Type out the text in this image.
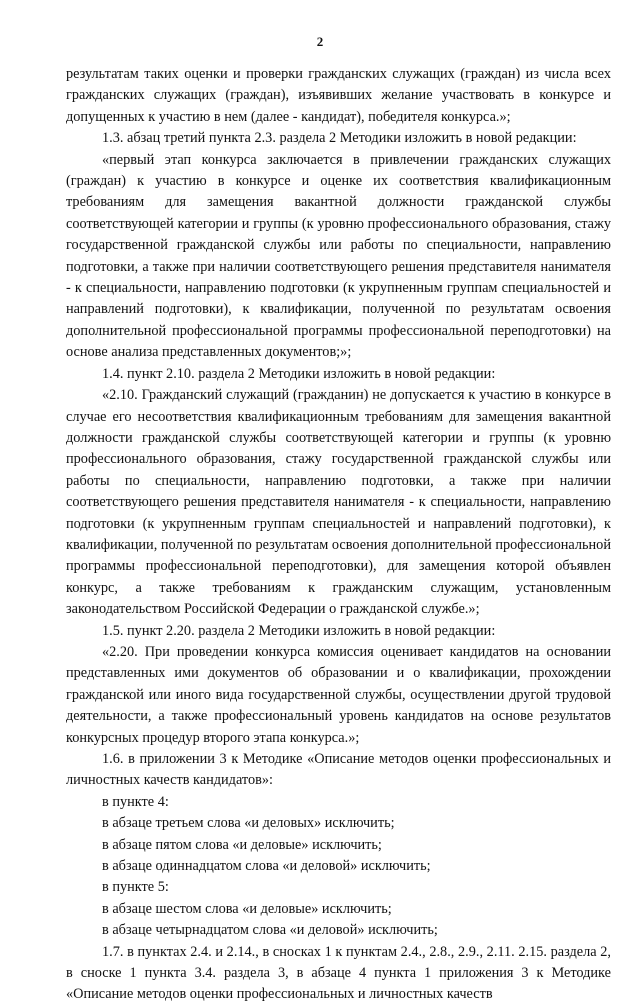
2

результатам таких оценки и проверки гражданских служащих (граждан) из числа всех гражданских служащих (граждан), изъявивших желание участвовать в конкурсе и допущенных к участию в нем (далее - кандидат), победителя конкурса.»;

1.3. абзац третий пункта 2.3. раздела 2 Методики изложить в новой редакции:

«первый этап конкурса заключается в привлечении гражданских служащих (граждан) к участию в конкурсе и оценке их соответствия квалификационным требованиям для замещения вакантной должности гражданской службы соответствующей категории и группы (к уровню профессионального образования, стажу государственной гражданской службы или работы по специальности, направлению подготовки, а также при наличии соответствующего решения представителя нанимателя - к специальности, направлению подготовки (к укрупненным группам специальностей и направлений подготовки), к квалификации, полученной по результатам освоения дополнительной профессиональной программы профессиональной переподготовки) на основе анализа представленных документов;»;

1.4. пункт 2.10. раздела 2 Методики изложить в новой редакции:

«2.10. Гражданский служащий (гражданин) не допускается к участию в конкурсе в случае его несоответствия квалификационным требованиям для замещения вакантной должности гражданской службы соответствующей категории и группы (к уровню профессионального образования, стажу государственной гражданской службы или работы по специальности, направлению подготовки, а также при наличии соответствующего решения представителя нанимателя - к специальности, направлению подготовки (к укрупненным группам специальностей и направлений подготовки), к квалификации, полученной по результатам освоения дополнительной профессиональной программы профессиональной переподготовки), для замещения которой объявлен конкурс, а также требованиям к гражданским служащим, установленным законодательством Российской Федерации о гражданской службе.»;

1.5. пункт 2.20. раздела 2 Методики изложить в новой редакции:

«2.20. При проведении конкурса комиссия оценивает кандидатов на основании представленных ими документов об образовании и о квалификации, прохождении гражданской или иного вида государственной службы, осуществлении другой трудовой деятельности, а также профессиональный уровень кандидатов на основе результатов конкурсных процедур второго этапа конкурса.»;

1.6. в приложении 3 к Методике «Описание методов оценки профессиональных и личностных качеств кандидатов»:

в пункте 4:

в абзаце третьем слова «и деловых» исключить;

в абзаце пятом слова «и деловые» исключить;

в абзаце одиннадцатом слова «и деловой» исключить;

в пункте 5:

в абзаце шестом слова «и деловые» исключить;

в абзаце четырнадцатом слова «и деловой» исключить;

1.7. в пунктах 2.4. и 2.14., в сносках 1 к пунктам 2.4., 2.8., 2.9., 2.11. 2.15. раздела 2, в сноске 1 пункта 3.4. раздела 3, в абзаце 4 пункта 1 приложения 3 к Методике «Описание методов оценки профессиональных и личностных качеств
